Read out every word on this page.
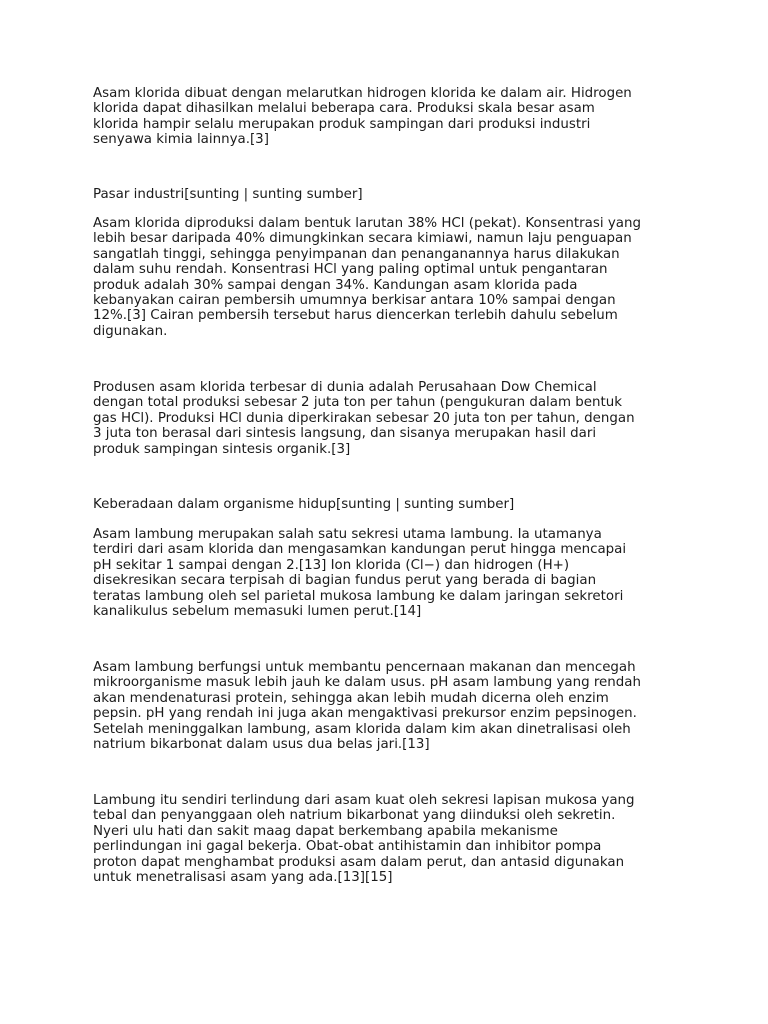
Asam klorida dibuat dengan melarutkan hidrogen klorida ke dalam air. Hidrogen
klorida dapat dihasilkan melalui beberapa cara. Produksi skala besar asam
klorida hampir selalu merupakan produk sampingan dari produksi industri
senyawa kimia lainnya.[3]

Pasar industri[sunting | sunting sumber]

Asam klorida diproduksi dalam bentuk larutan 38% HCl (pekat). Konsentrasi yang
lebih besar daripada 40% dimungkinkan secara kimiawi, namun laju penguapan
sangatlah tinggi, sehingga penyimpanan dan penanganannya harus dilakukan
dalam suhu rendah. Konsentrasi HCl yang paling optimal untuk pengantaran
produk adalah 30% sampai dengan 34%. Kandungan asam klorida pada
kebanyakan cairan pembersih umumnya berkisar antara 10% sampai dengan
12%.[3] Cairan pembersih tersebut harus diencerkan terlebih dahulu sebelum
digunakan.

Produsen asam klorida terbesar di dunia adalah Perusahaan Dow Chemical
dengan total produksi sebesar 2 juta ton per tahun (pengukuran dalam bentuk
gas HCl). Produksi HCl dunia diperkirakan sebesar 20 juta ton per tahun, dengan
3 juta ton berasal dari sintesis langsung, dan sisanya merupakan hasil dari
produk sampingan sintesis organik.[3]

Keberadaan dalam organisme hidup[sunting | sunting sumber]

Asam lambung merupakan salah satu sekresi utama lambung. Ia utamanya
terdiri dari asam klorida dan mengasamkan kandungan perut hingga mencapai
pH sekitar 1 sampai dengan 2.[13] Ion klorida (Cl−) dan hidrogen (H+)
disekresikan secara terpisah di bagian fundus perut yang berada di bagian
teratas lambung oleh sel parietal mukosa lambung ke dalam jaringan sekretori
kanalikulus sebelum memasuki lumen perut.[14]

Asam lambung berfungsi untuk membantu pencernaan makanan dan mencegah
mikroorganisme masuk lebih jauh ke dalam usus. pH asam lambung yang rendah
akan mendenaturasi protein, sehingga akan lebih mudah dicerna oleh enzim
pepsin. pH yang rendah ini juga akan mengaktivasi prekursor enzim pepsinogen.
Setelah meninggalkan lambung, asam klorida dalam kim akan dinetralisasi oleh
natrium bikarbonat dalam usus dua belas jari.[13]

Lambung itu sendiri terlindung dari asam kuat oleh sekresi lapisan mukosa yang
tebal dan penyanggaan oleh natrium bikarbonat yang diinduksi oleh sekretin.
Nyeri ulu hati dan sakit maag dapat berkembang apabila mekanisme
perlindungan ini gagal bekerja. Obat-obat antihistamin dan inhibitor pompa
proton dapat menghambat produksi asam dalam perut, dan antasid digunakan
untuk menetralisasi asam yang ada.[13][15]
